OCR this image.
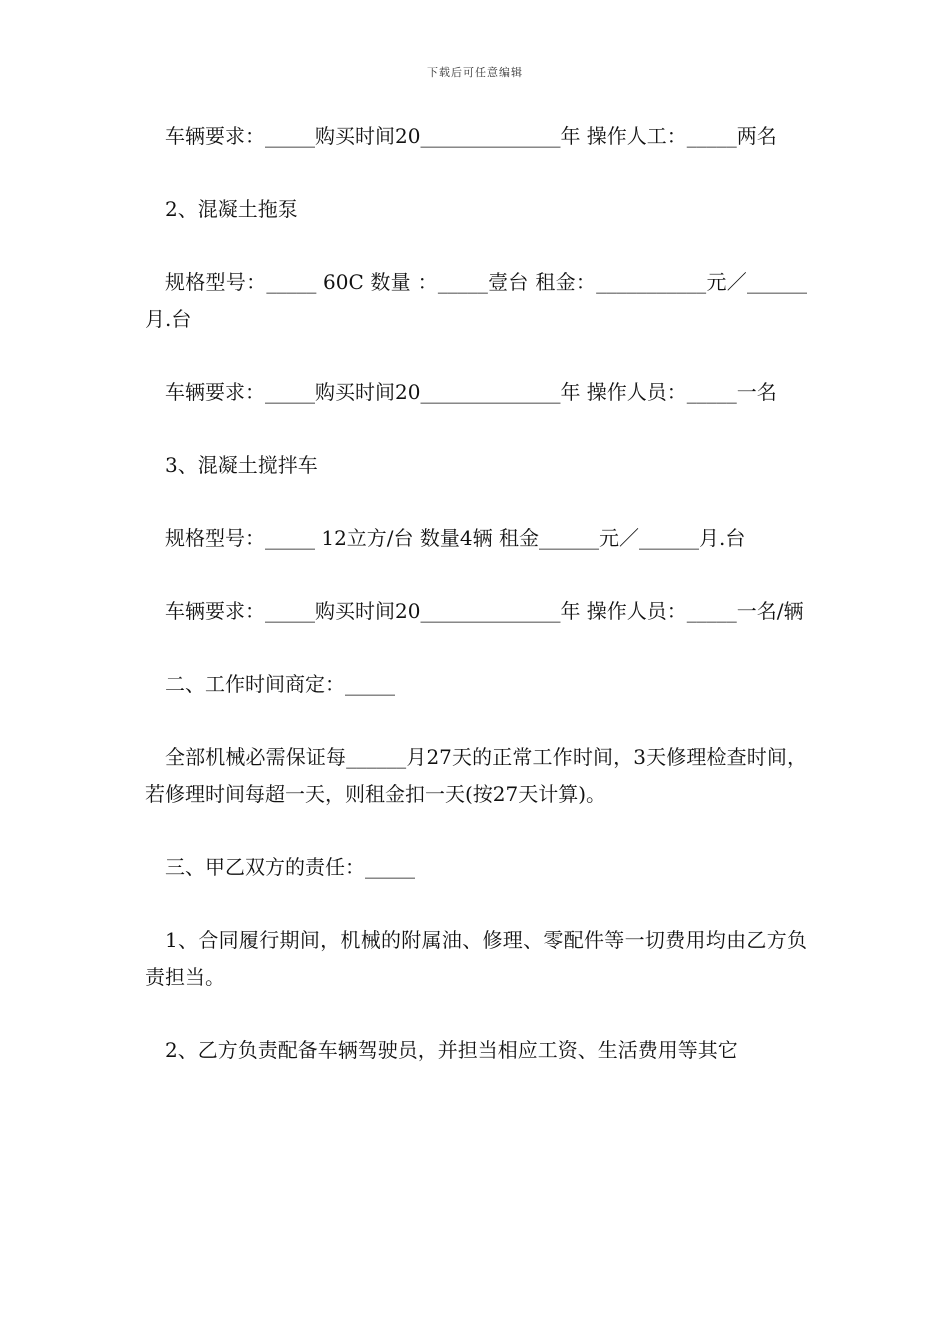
下载后可任意编辑

车辆要求：_____购买时间20______________年 操作人工：_____两名

2、混凝土拖泵

规格型号：_____ 60C 数量 ：_____壹台 租金：___________元／______月.台

车辆要求：_____购买时间20______________年 操作人员：_____一名

3、混凝土搅拌车

规格型号：_____ 12立方/台 数量4辆 租金______元／______月.台

车辆要求：_____购买时间20______________年 操作人员：_____一名/辆

二、工作时间商定：_____

全部机械必需保证每______月27天的正常工作时间，3天修理检查时间，若修理时间每超一天，则租金扣一天(按27天计算)。

三、甲乙双方的责任：_____

1、合同履行期间，机械的附属油、修理、零配件等一切费用均由乙方负责担当。

2、乙方负责配备车辆驾驶员，并担当相应工资、生活费用等其它
